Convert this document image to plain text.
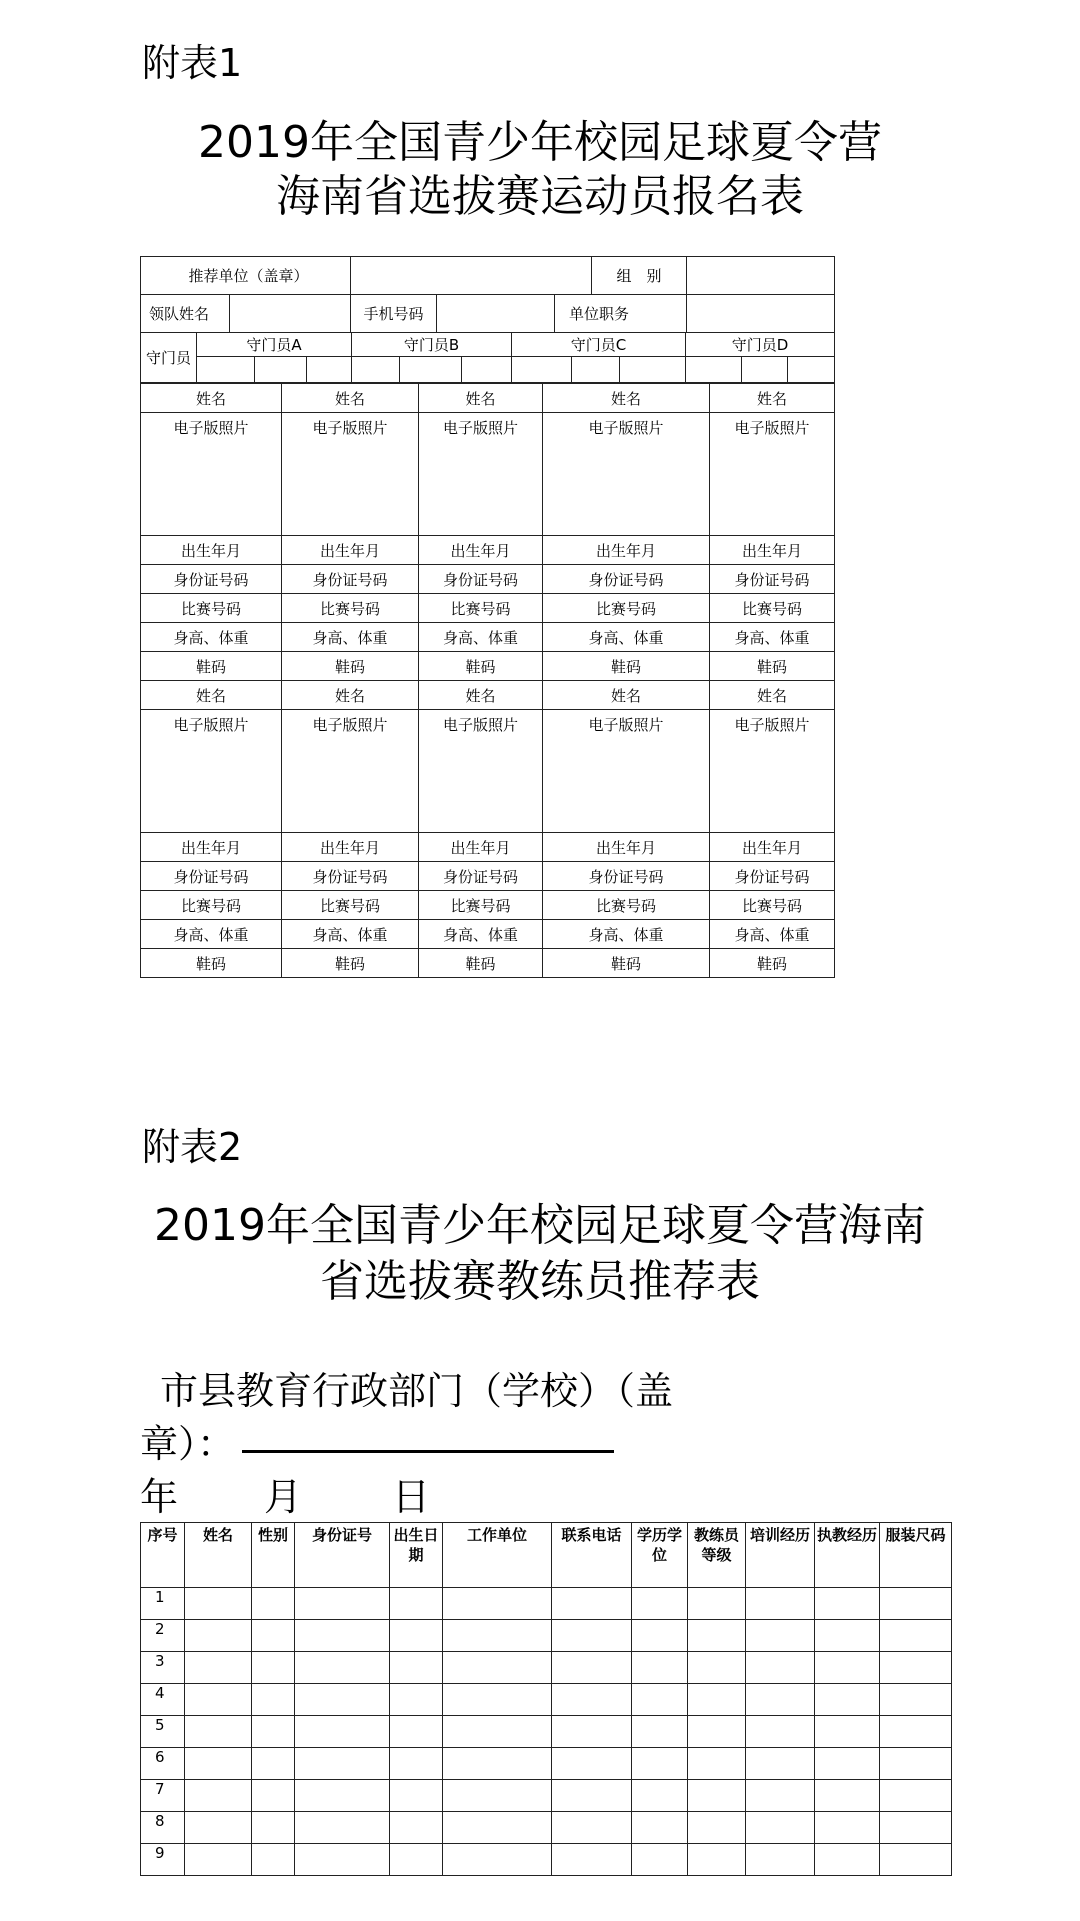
附表1
2019年全国青少年校园足球夏令营
海南省选拔赛运动员报名表
推荐单位（盖章）					组　别	
领队姓名		手机号码		单位职务		
守门员	守门员A			守门员B			守门员C			守门员D		

姓名	姓名	姓名	姓名	姓名
电子版照片	电子版照片	电子版照片	电子版照片	电子版照片
出生年月	出生年月	出生年月	出生年月	出生年月
身份证号码	身份证号码	身份证号码	身份证号码	身份证号码
比赛号码	比赛号码	比赛号码	比赛号码	比赛号码
身高、体重	身高、体重	身高、体重	身高、体重	身高、体重
鞋码	鞋码	鞋码	鞋码	鞋码
姓名	姓名	姓名	姓名	姓名
电子版照片	电子版照片	电子版照片	电子版照片	电子版照片
出生年月	出生年月	出生年月	出生年月	出生年月
身份证号码	身份证号码	身份证号码	身份证号码	身份证号码
比赛号码	比赛号码	比赛号码	比赛号码	比赛号码
身高、体重	身高、体重	身高、体重	身高、体重	身高、体重
鞋码	鞋码	鞋码	鞋码	鞋码
附表2
2019年全国青少年校园足球夏令营海南
省选拔赛教练员推荐表
市县教育行政部门（学校）（盖
章）：
年 月 日
序号	姓名	性别	身份证号	出生日期	工作单位	联系电话	学历学位	教练员等级	培训经历	执教经历	服装尺码
1											
2											
3											
4											
5											
6											
7											
8											
9											
